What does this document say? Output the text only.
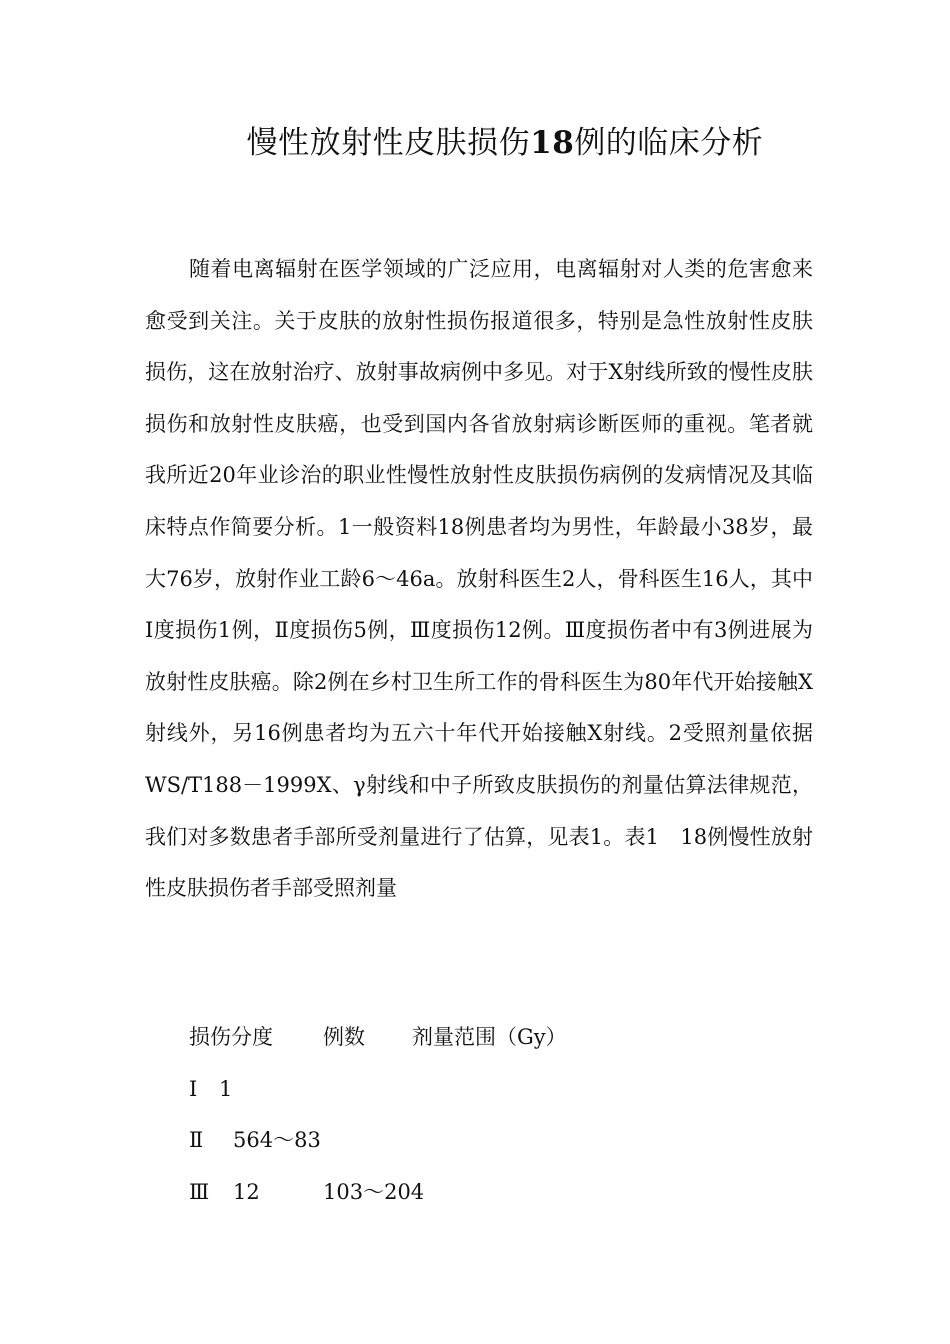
慢性放射性皮肤损伤18例的临床分析

随着电离辐射在医学领域的广泛应用，电离辐射对人类的危害愈来愈受到关注。关于皮肤的放射性损伤报道很多，特别是急性放射性皮肤损伤，这在放射治疗、放射事故病例中多见。对于X射线所致的慢性皮肤损伤和放射性皮肤癌，也受到国内各省放射病诊断医师的重视。笔者就我所近20年业诊治的职业性慢性放射性皮肤损伤病例的发病情况及其临床特点作简要分析。1一般资料18例患者均为男性，年龄最小38岁，最大76岁，放射作业工龄6～46a。放射科医生2人，骨科医生16人，其中Ⅰ度损伤1例，Ⅱ度损伤5例，Ⅲ度损伤12例。Ⅲ度损伤者中有3例进展为放射性皮肤癌。除2例在乡村卫生所工作的骨科医生为80年代开始接触X射线外，另16例患者均为五六十年代开始接触X射线。2受照剂量依据WS/T188－1999X、γ射线和中子所致皮肤损伤的剂量估算法律规范，我们对多数患者手部所受剂量进行了估算，见表1。表1　18例慢性放射性皮肤损伤者手部受照剂量

损伤分度 例数 剂量范围（Gy）
Ⅰ 1
Ⅱ 564～83
Ⅲ 12	103～204
